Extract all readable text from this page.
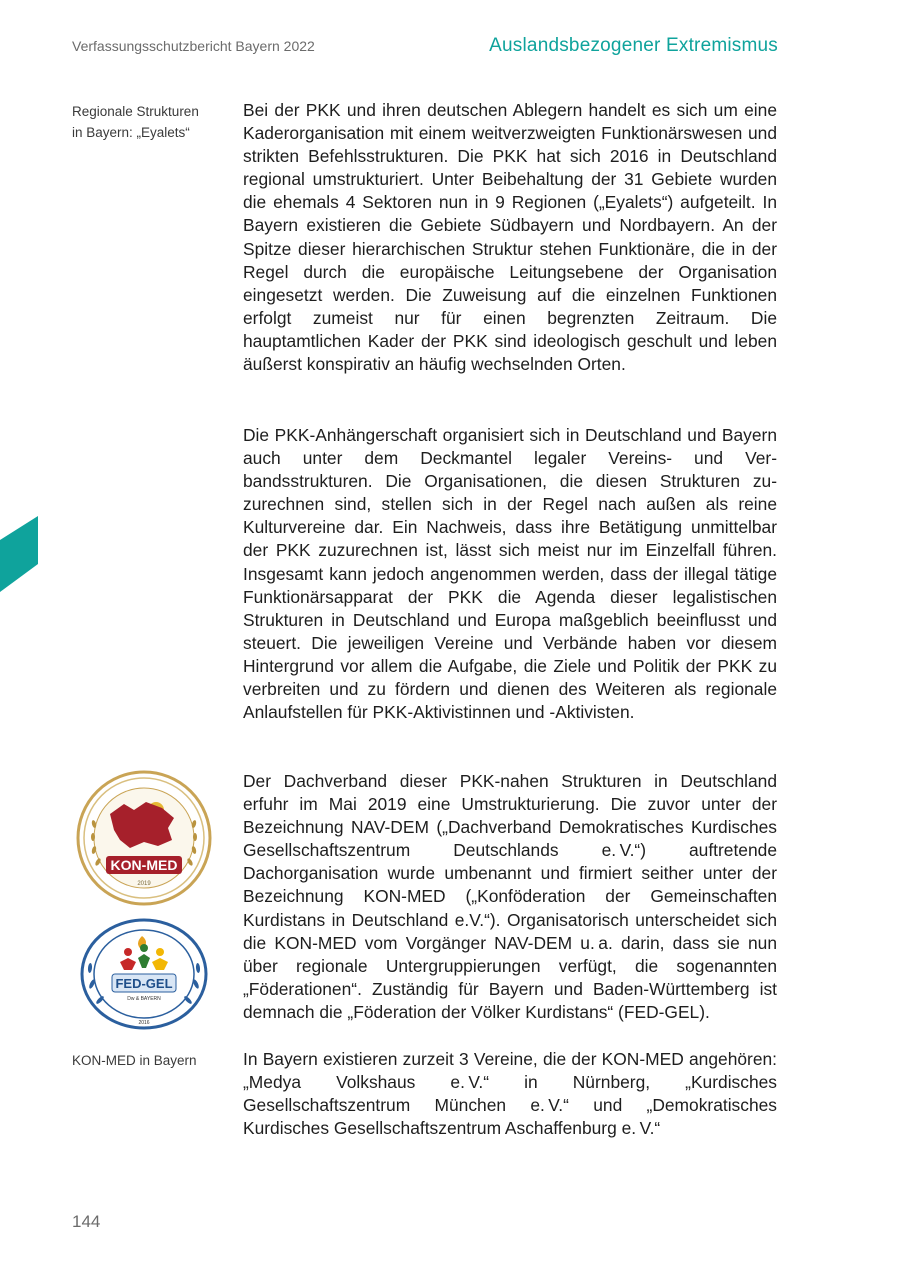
Verfassungsschutzbericht Bayern 2022	Auslandsbezogener Extremismus
Regionale Strukturen
in Bayern: „Eyalets“
Bei der PKK und ihren deutschen Ablegern handelt es sich um eine Kaderorganisation mit einem weitverzweigten Funktionärswesen und strikten Befehlsstrukturen. Die PKK hat sich 2016 in Deutschland regional umstrukturiert. Unter Beibehaltung der 31 Gebiete wurden die ehemals 4 Sektoren nun in 9 Regionen („Eyalets“) aufgeteilt. In Bayern existieren die Gebiete Südbayern und Nordbayern. An der Spitze dieser hierarchischen Struktur stehen Funktionäre, die in der Regel durch die europäische Leitungsebene der Organisation eingesetzt werden. Die Zuweisung auf die einzelnen Funktionen erfolgt zumeist nur für einen begrenzten Zeitraum. Die hauptamtlichen Kader der PKK sind ideologisch geschult und leben äußerst konspirativ an häufig wechselnden Orten.
Die PKK-Anhängerschaft organisiert sich in Deutschland und Bayern auch unter dem Deckmantel legaler Vereins- und Verbandsstrukturen. Die Organisationen, die diesen Strukturen zuzurechnen sind, stellen sich in der Regel nach außen als reine Kulturvereine dar. Ein Nachweis, dass ihre Betätigung unmittelbar der PKK zuzurechnen ist, lässt sich meist nur im Einzelfall führen. Insgesamt kann jedoch angenommen werden, dass der illegal tätige Funktionärsapparat der PKK die Agenda dieser legalistischen Strukturen in Deutschland und Europa maßgeblich beeinflusst und steuert. Die jeweiligen Vereine und Verbände haben vor diesem Hintergrund vor allem die Aufgabe, die Ziele und Politik der PKK zu verbreiten und zu fördern und dienen des Weiteren als regionale Anlaufstellen für PKK-Aktivistinnen und -Aktivisten.
Der Dachverband dieser PKK-nahen Strukturen in Deutschland erfuhr im Mai 2019 eine Umstrukturierung. Die zuvor unter der Bezeichnung NAV-DEM („Dachverband Demokratisches Kurdisches Gesellschaftszentrum Deutschlands e. V.“) auftretende Dachorganisation wurde umbenannt und firmiert seither unter der Bezeichnung KON-MED („Konföderation der Gemeinschaften Kurdistans in Deutschland e.V.“). Organisatorisch unterscheidet sich die KON-MED vom Vorgänger NAV-DEM u. a. darin, dass sie nun über regionale Untergruppierungen verfügt, die sogenannten „Föderationen“. Zuständig für Bayern und Baden-Württemberg ist demnach die „Föderation der Völker Kurdistans“ (FED-GEL).
In Bayern existieren zurzeit 3 Vereine, die der KON-MED angehören: „Medya Volkshaus e. V.“ in Nürnberg, „Kurdisches Gesellschaftszentrum München e. V.“ und „Demokratisches Kurdisches Gesellschaftszentrum Aschaffenburg e. V.“
KON-MED
2019
FED-GEL
Dw & BAYERN
2016
KON-MED in Bayern
144
